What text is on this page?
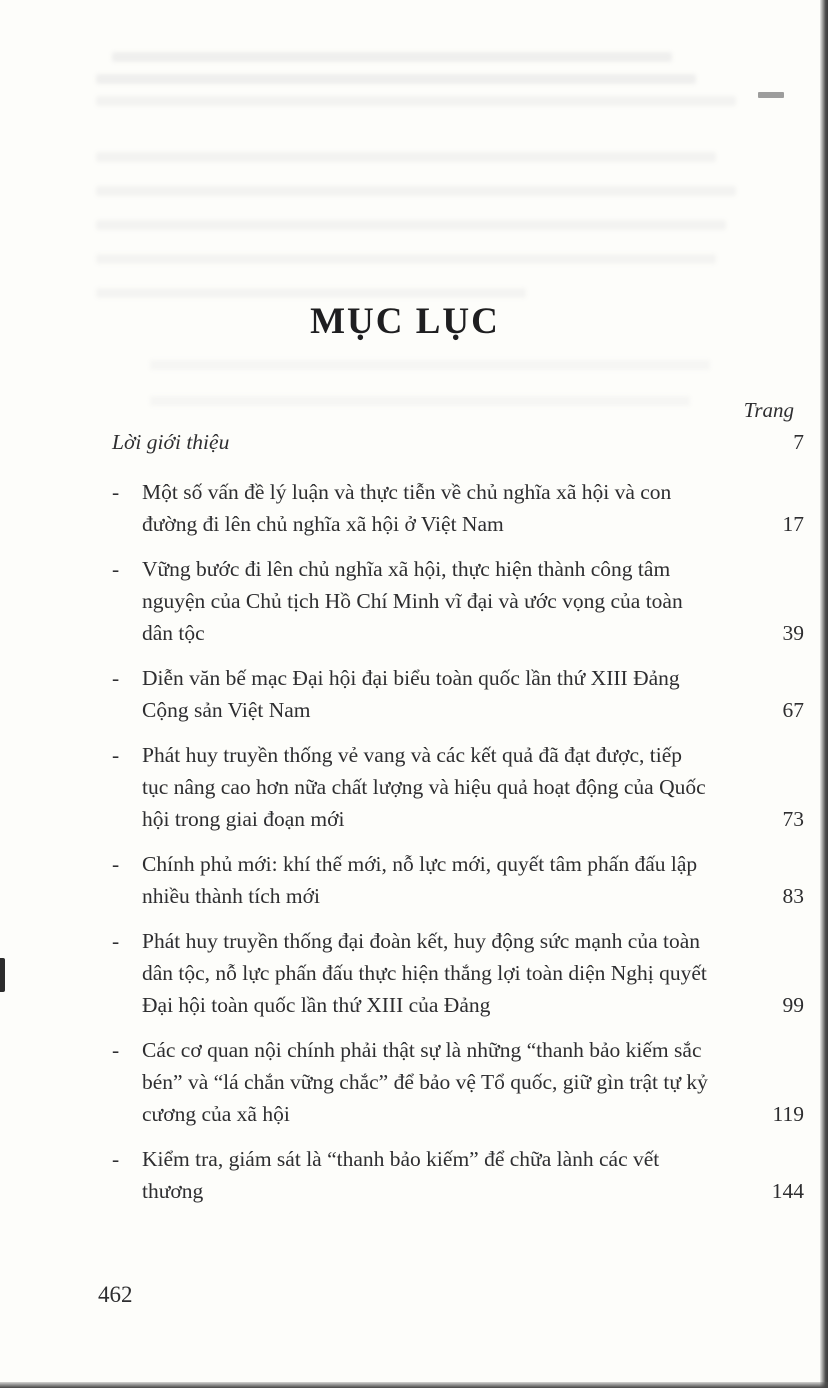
MỤC LỤC
Trang
Lời giới thiệu	7
-	Một số vấn đề lý luận và thực tiễn về chủ nghĩa xã hội và con đường đi lên chủ nghĩa xã hội ở Việt Nam	17
-	Vững bước đi lên chủ nghĩa xã hội, thực hiện thành công tâm nguyện của Chủ tịch Hồ Chí Minh vĩ đại và ước vọng của toàn dân tộc	39
-	Diễn văn bế mạc Đại hội đại biểu toàn quốc lần thứ XIII Đảng Cộng sản Việt Nam	67
-	Phát huy truyền thống vẻ vang và các kết quả đã đạt được, tiếp tục nâng cao hơn nữa chất lượng và hiệu quả hoạt động của Quốc hội trong giai đoạn mới	73
-	Chính phủ mới: khí thế mới, nỗ lực mới, quyết tâm phấn đấu lập nhiều thành tích mới	83
-	Phát huy truyền thống đại đoàn kết, huy động sức mạnh của toàn dân tộc, nỗ lực phấn đấu thực hiện thắng lợi toàn diện Nghị quyết Đại hội toàn quốc lần thứ XIII của Đảng	99
-	Các cơ quan nội chính phải thật sự là những “thanh bảo kiếm sắc bén” và “lá chắn vững chắc” để bảo vệ Tổ quốc, giữ gìn trật tự kỷ cương của xã hội	119
-	Kiểm tra, giám sát là “thanh bảo kiếm” để chữa lành các vết thương	144
462
